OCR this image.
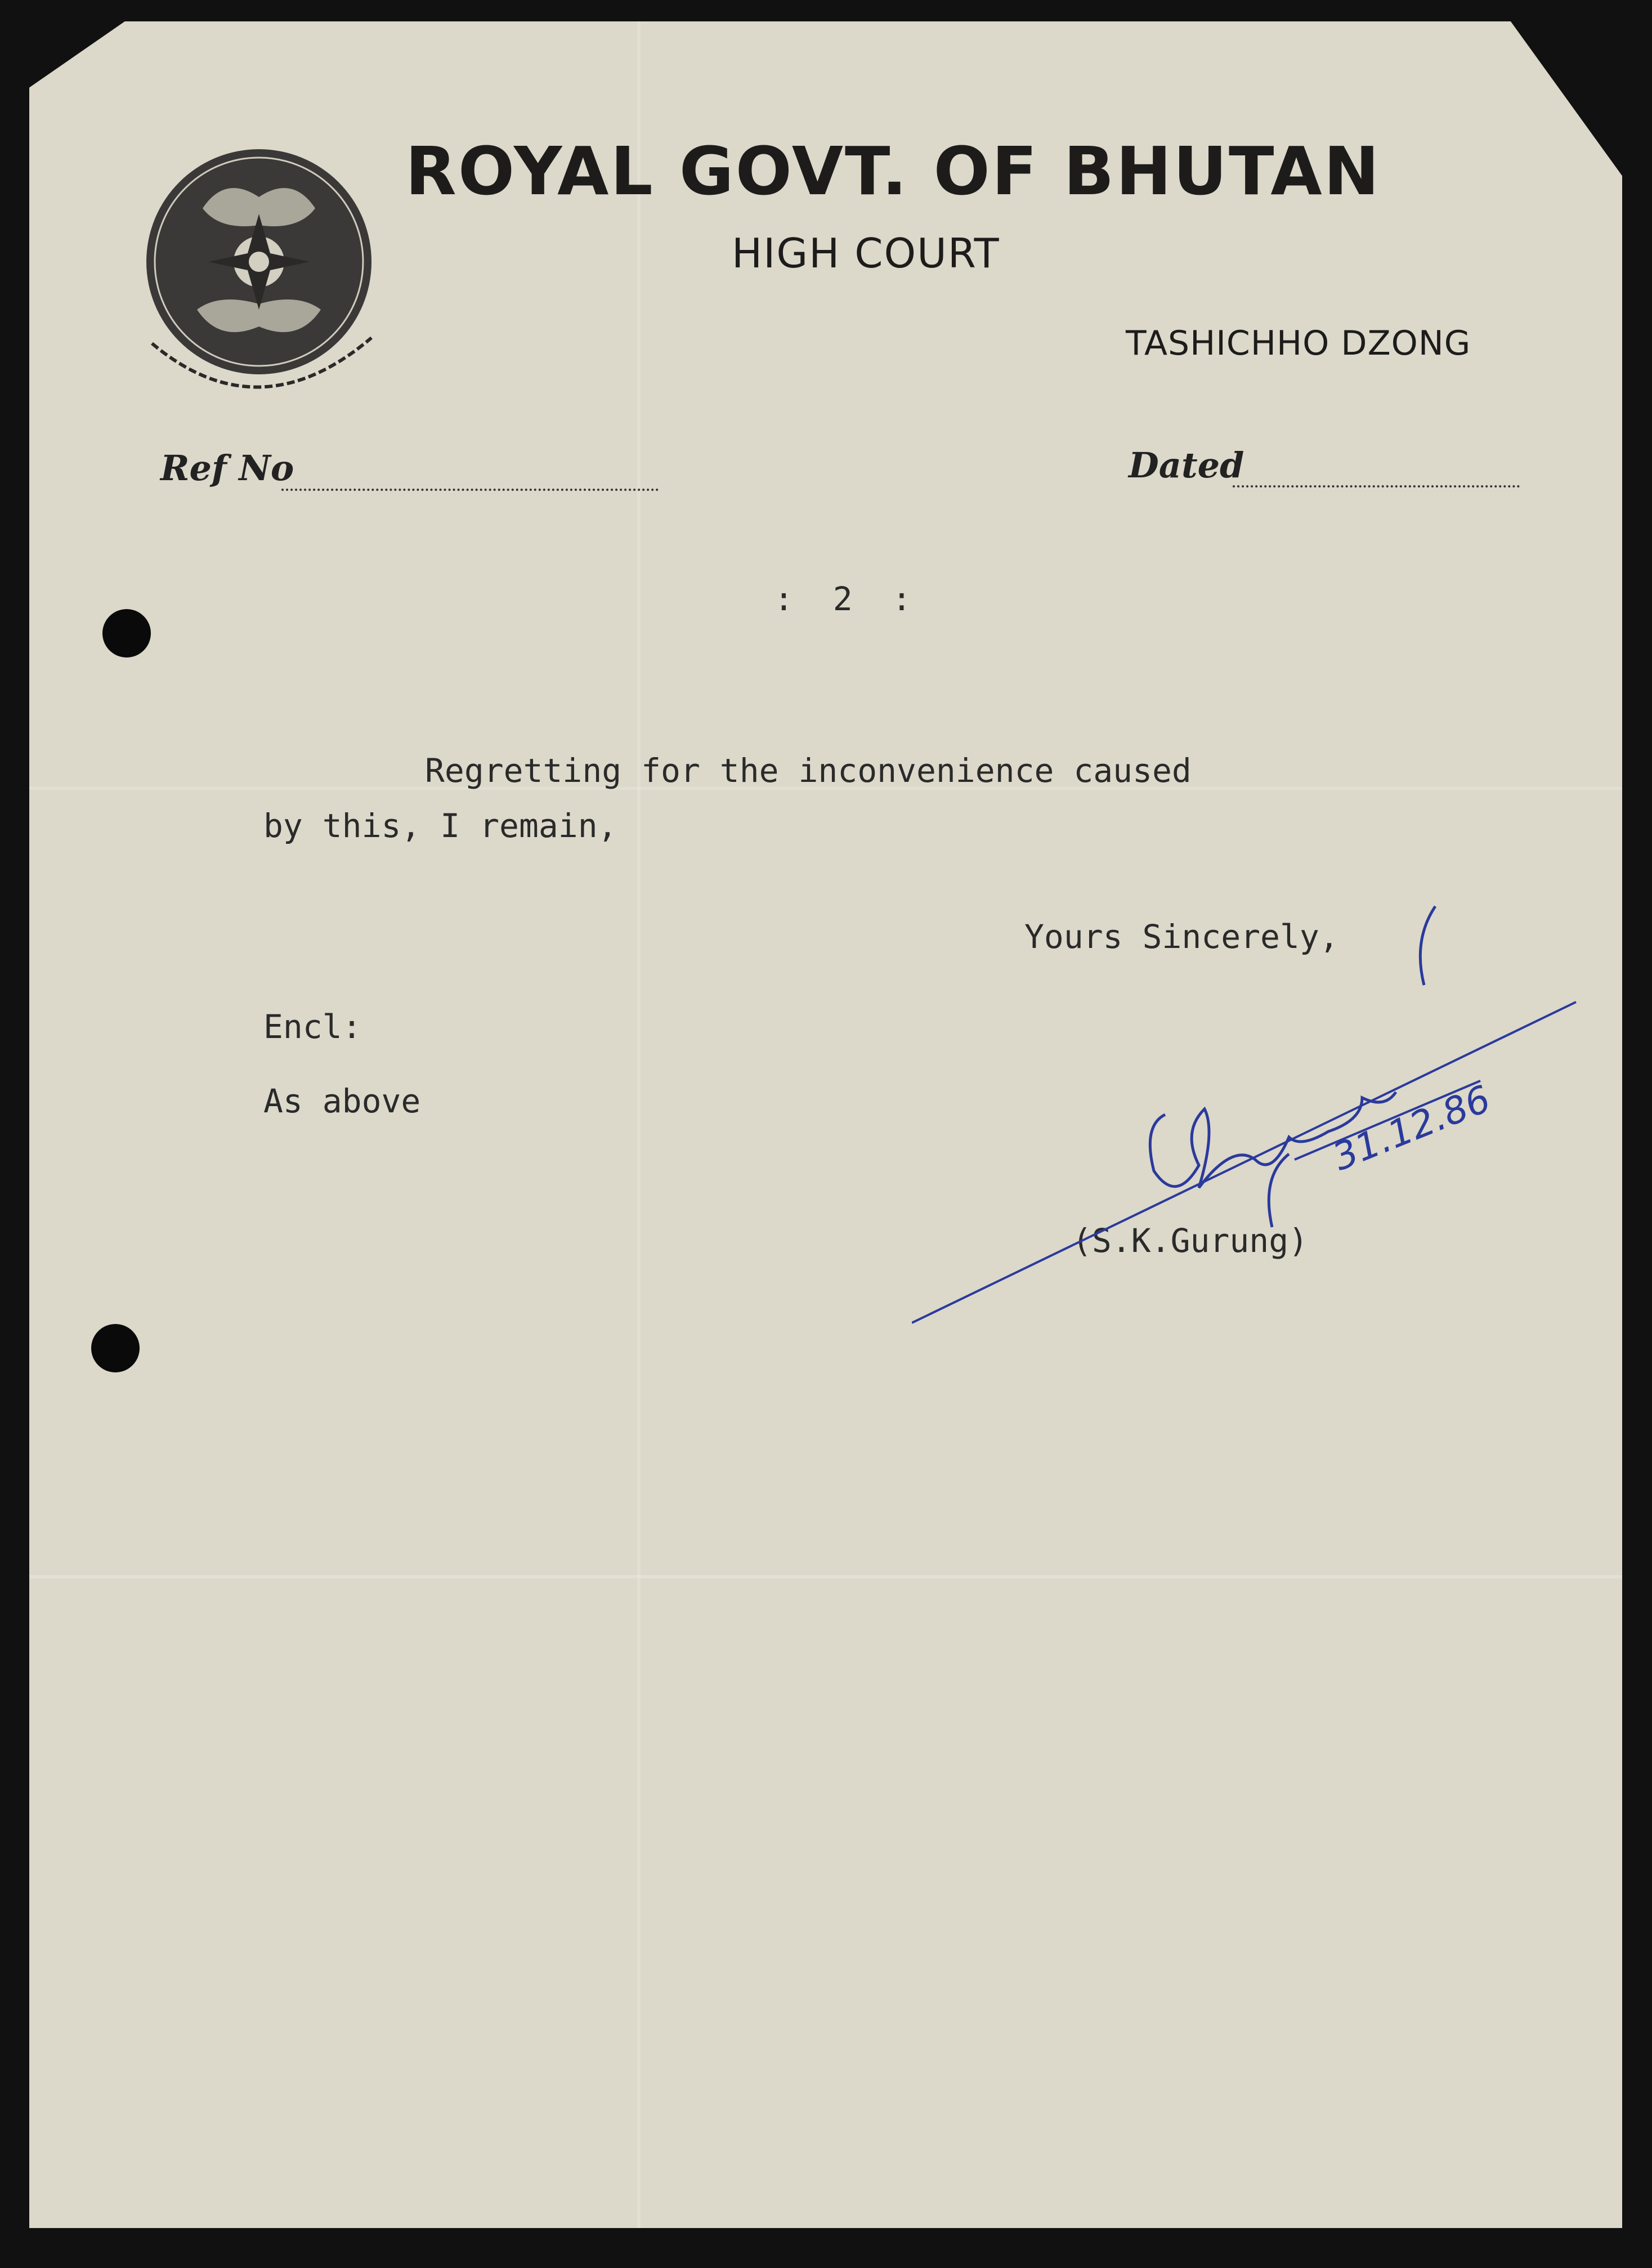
ROYAL GOVT. OF BHUTAN
HIGH COURT
TASHICHHO DZONG
Ref No	Dated
:  2  :
Regretting for the inconvenience caused
by this, I remain,
Yours Sincerely,
Encl:
As above
(S.K.Gurung)
31.12.86
